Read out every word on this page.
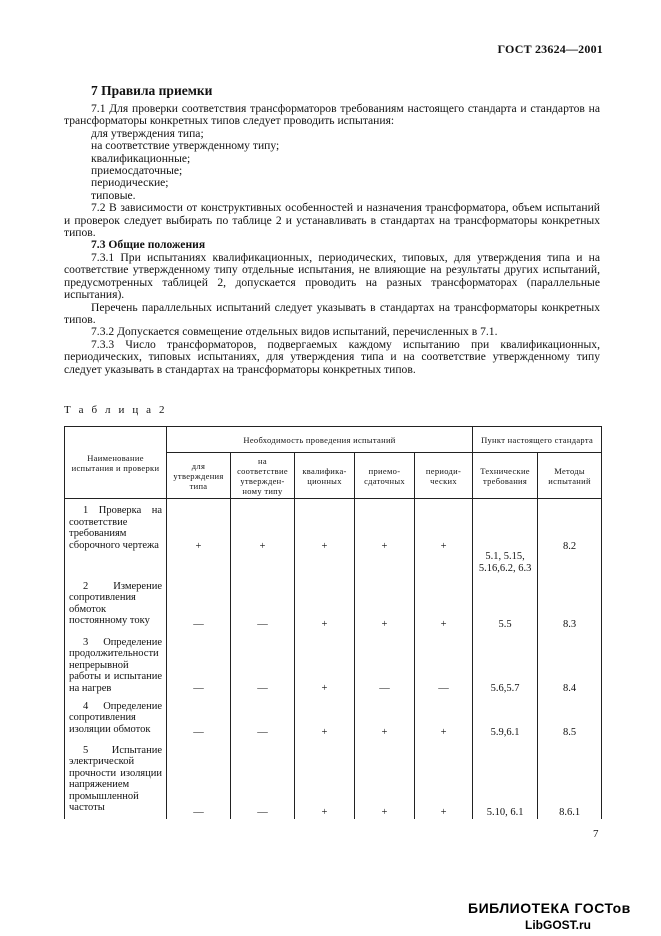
ГОСТ 23624—2001
7 Правила приемки

7.1 Для проверки соответствия трансформаторов требованиям настоящего стандарта и стандартов на трансформаторы конкретных типов следует проводить испытания:

для утверждения типа;

на соответствие утвержденному типу;

квалификационные;

приемосдаточные;

периодические;

типовые.

7.2 В зависимости от конструктивных особенностей и назначения трансформатора, объем испытаний и проверок следует выбирать по таблице 2 и устанавливать в стандартах на трансформаторы конкретных типов.

7.3 Общие положения

7.3.1 При испытаниях квалификационных, периодических, типовых, для утверждения типа и на соответствие утвержденному типу отдельные испытания, не влияющие на результаты других испытаний, предусмотренных таблицей 2, допускается проводить на разных трансформаторах (параллельные испытания).

Перечень параллельных испытаний следует указывать в стандартах на трансформаторы конкретных типов.

7.3.2 Допускается совмещение отдельных видов испытаний, перечисленных в 7.1.

7.3.3 Число трансформаторов, подвергаемых каждому испытанию при квалификационных, периодических, типовых испытаниях, для утверждения типа и на соответствие утвержденному типу следует указывать в стандартах на трансформаторы конкретных типов.

Т а б л и ц а 2
Наименование испытания и проверки	Необходимость проведения испытаний					Пункт настоящего стандарта	
	для утверждения типа	на соответствие утвержден-ному типу	квалифика-ционных	приемо-сдаточных	периоди-ческих	Технические требования	Методы испытаний

1 Проверка на соответствие требованиям сборочного чертежа	+	+	+	+	+	5.1, 5.15, 5.16,6.2, 6.3	8.2

2 Измерение сопротивления обмоток постоянному току	—	—	+	+	+	5.5	8.3

3 Определение продолжительности непрерывной работы и испытание на нагрев	—	—	+	—	—	5.6,5.7	8.4

4 Определение сопротивления изоляции обмоток	—	—	+	+	+	5.9,6.1	8.5

5 Испытание электрической прочности изоляции напряжением промышленной частоты	—	—	+	+	+	5.10, 6.1	8.6.1
7
БИБЛИОТЕКА ГОСТов
LibGOST.ru
